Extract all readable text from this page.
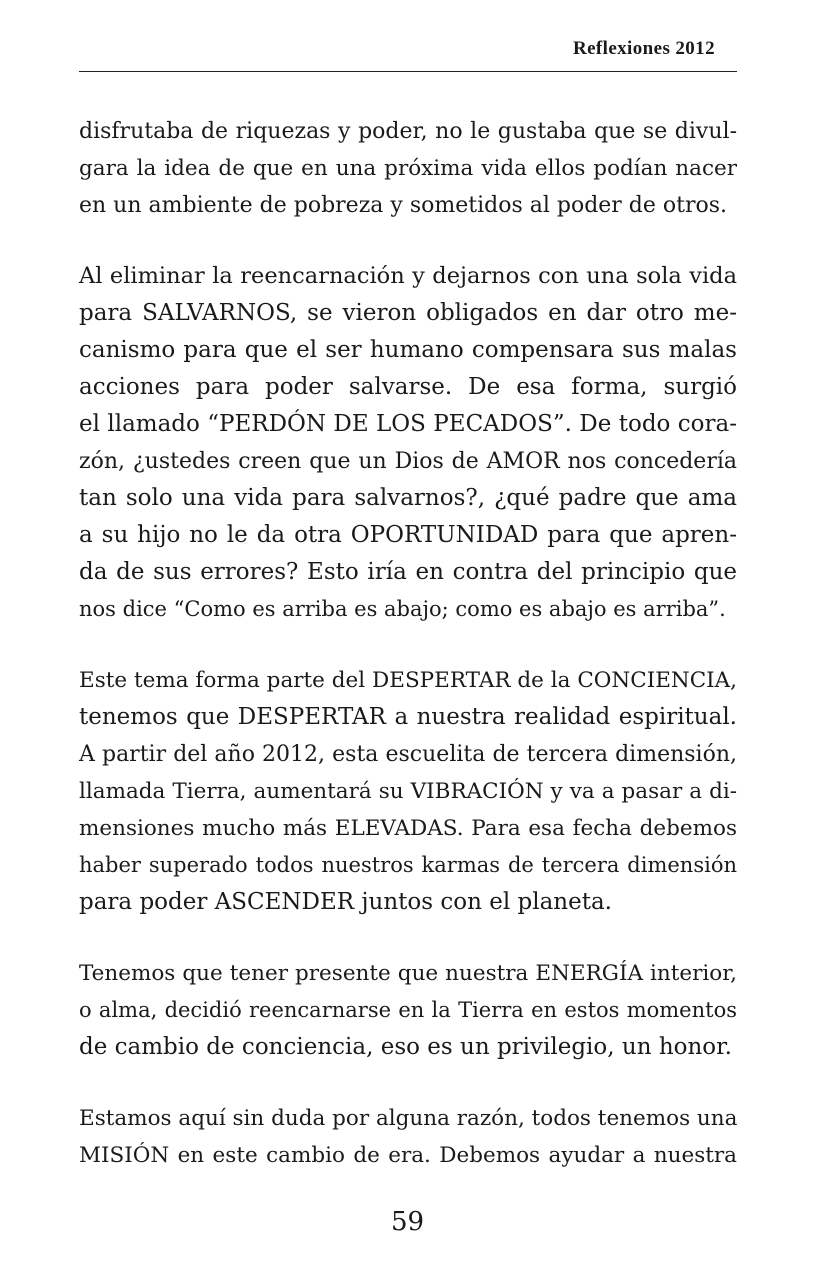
Reflexiones 2012
disfrutaba de riquezas y poder, no le gustaba que se divul-
gara la idea de que en una próxima vida ellos podían nacer
en un ambiente de pobreza y sometidos al poder de otros.
Al eliminar la reencarnación y dejarnos con una sola vida
para SALVARNOS, se vieron obligados en dar otro me-
canismo para que el ser humano compensara sus malas
acciones para poder salvarse. De esa forma, surgió
el llamado “PERDÓN DE LOS PECADOS”. De todo cora-
zón, ¿ustedes creen que un Dios de AMOR nos concedería
tan solo una vida para salvarnos?, ¿qué padre que ama
a su hijo no le da otra OPORTUNIDAD para que apren-
da de sus errores? Esto iría en contra del principio que
nos dice “Como es arriba es abajo; como es abajo es arriba”.
Este tema forma parte del DESPERTAR de la CONCIENCIA,
tenemos que DESPERTAR a nuestra realidad espiritual.
A partir del año 2012, esta escuelita de tercera dimensión,
llamada Tierra, aumentará su VIBRACIÓN y va a pasar a di-
mensiones mucho más ELEVADAS. Para esa fecha debemos
haber superado todos nuestros karmas de tercera dimensión
para poder ASCENDER juntos con el planeta.
Tenemos que tener presente que nuestra ENERGÍA interior,
o alma, decidió reencarnarse en la Tierra en estos momentos
de cambio de conciencia, eso es un privilegio, un honor.
Estamos aquí sin duda por alguna razón, todos tenemos una
MISIÓN en este cambio de era. Debemos ayudar a nuestra
59
